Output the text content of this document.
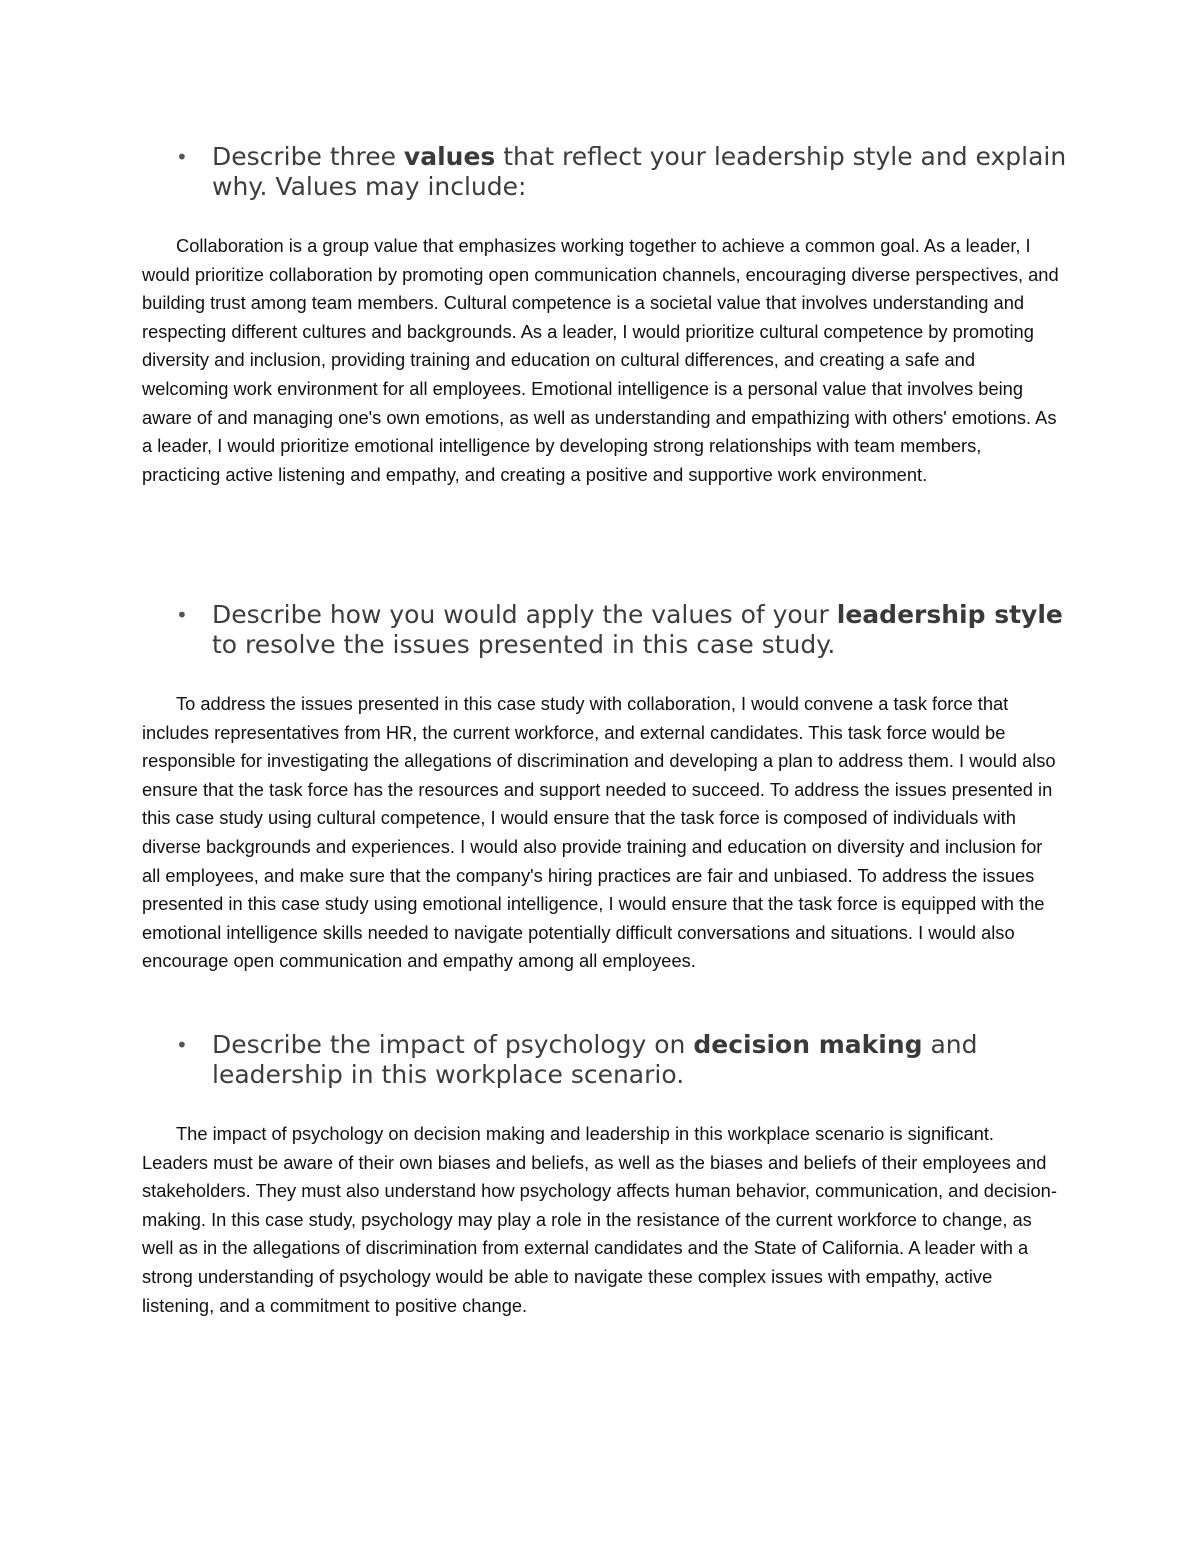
• Describe three values that reflect your leadership style and explain why. Values may include:

Collaboration is a group value that emphasizes working together to achieve a common goal. As a leader, I would prioritize collaboration by promoting open communication channels, encouraging diverse perspectives, and building trust among team members. Cultural competence is a societal value that involves understanding and respecting different cultures and backgrounds. As a leader, I would prioritize cultural competence by promoting diversity and inclusion, providing training and education on cultural differences, and creating a safe and welcoming work environment for all employees. Emotional intelligence is a personal value that involves being aware of and managing one's own emotions, as well as understanding and empathizing with others' emotions. As a leader, I would prioritize emotional intelligence by developing strong relationships with team members, practicing active listening and empathy, and creating a positive and supportive work environment.

• Describe how you would apply the values of your leadership style to resolve the issues presented in this case study.

To address the issues presented in this case study with collaboration, I would convene a task force that includes representatives from HR, the current workforce, and external candidates. This task force would be responsible for investigating the allegations of discrimination and developing a plan to address them. I would also ensure that the task force has the resources and support needed to succeed. To address the issues presented in this case study using cultural competence, I would ensure that the task force is composed of individuals with diverse backgrounds and experiences. I would also provide training and education on diversity and inclusion for all employees, and make sure that the company's hiring practices are fair and unbiased. To address the issues presented in this case study using emotional intelligence, I would ensure that the task force is equipped with the emotional intelligence skills needed to navigate potentially difficult conversations and situations. I would also encourage open communication and empathy among all employees.

• Describe the impact of psychology on decision making and leadership in this workplace scenario.

The impact of psychology on decision making and leadership in this workplace scenario is significant. Leaders must be aware of their own biases and beliefs, as well as the biases and beliefs of their employees and stakeholders. They must also understand how psychology affects human behavior, communication, and decision-making. In this case study, psychology may play a role in the resistance of the current workforce to change, as well as in the allegations of discrimination from external candidates and the State of California. A leader with a strong understanding of psychology would be able to navigate these complex issues with empathy, active listening, and a commitment to positive change.
